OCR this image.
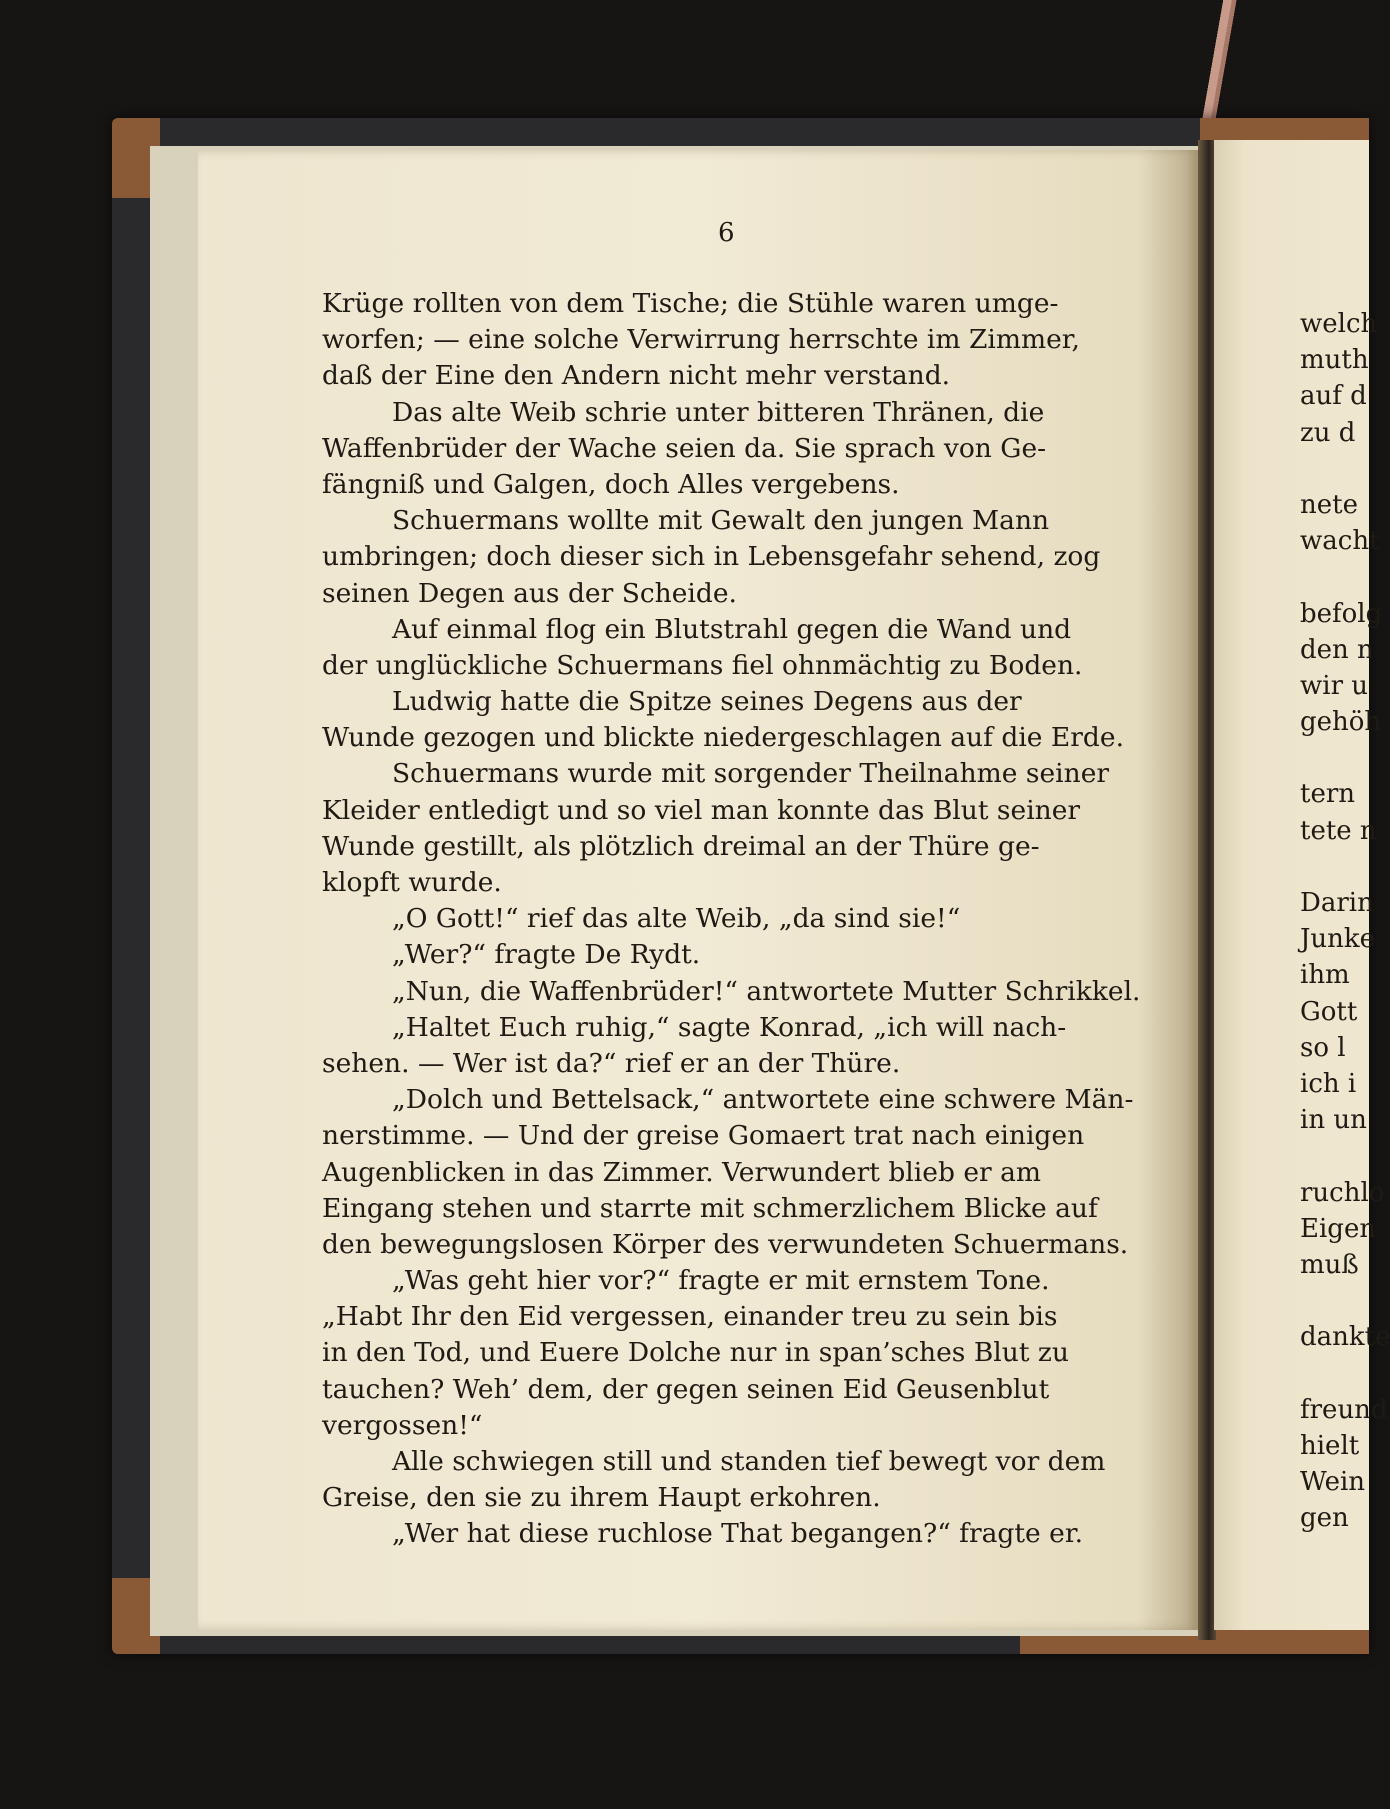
6
Krüge rollten von dem Tische; die Stühle waren umge-
worfen; — eine solche Verwirrung herrschte im Zimmer,
daß der Eine den Andern nicht mehr verstand.
Das alte Weib schrie unter bitteren Thränen, die
Waffenbrüder der Wache seien da. Sie sprach von Ge-
fängniß und Galgen, doch Alles vergebens.
Schuermans wollte mit Gewalt den jungen Mann
umbringen; doch dieser sich in Lebensgefahr sehend, zog
seinen Degen aus der Scheide.
Auf einmal flog ein Blutstrahl gegen die Wand und
der unglückliche Schuermans fiel ohnmächtig zu Boden.
Ludwig hatte die Spitze seines Degens aus der
Wunde gezogen und blickte niedergeschlagen auf die Erde.
Schuermans wurde mit sorgender Theilnahme seiner
Kleider entledigt und so viel man konnte das Blut seiner
Wunde gestillt, als plötzlich dreimal an der Thüre ge-
klopft wurde.
„O Gott!“ rief das alte Weib, „da sind sie!“
„Wer?“ fragte De Rydt.
„Nun, die Waffenbrüder!“ antwortete Mutter Schrikkel.
„Haltet Euch ruhig,“ sagte Konrad, „ich will nach-
sehen. — Wer ist da?“ rief er an der Thüre.
„Dolch und Bettelsack,“ antwortete eine schwere Män-
nerstimme. — Und der greise Gomaert trat nach einigen
Augenblicken in das Zimmer. Verwundert blieb er am
Eingang stehen und starrte mit schmerzlichem Blicke auf
den bewegungslosen Körper des verwundeten Schuermans.
„Was geht hier vor?“ fragte er mit ernstem Tone.
„Habt Ihr den Eid vergessen, einander treu zu sein bis
in den Tod, und Euere Dolche nur in span’sches Blut zu
tauchen? Weh’ dem, der gegen seinen Eid Geusenblut
vergossen!“
Alle schwiegen still und standen tief bewegt vor dem
Greise, den sie zu ihrem Haupt erkohren.
„Wer hat diese ruchlose That begangen?“ fragte er.
welch
muth
auf d
zu d
nete
wacht
befolg
den n
wir u
gehöh
tern
tete n
Darin
Junke
ihm
Gott
so l
ich i
in un
ruchlo
Eigen
muß
dankte
freund
hielt
Wein
gen
